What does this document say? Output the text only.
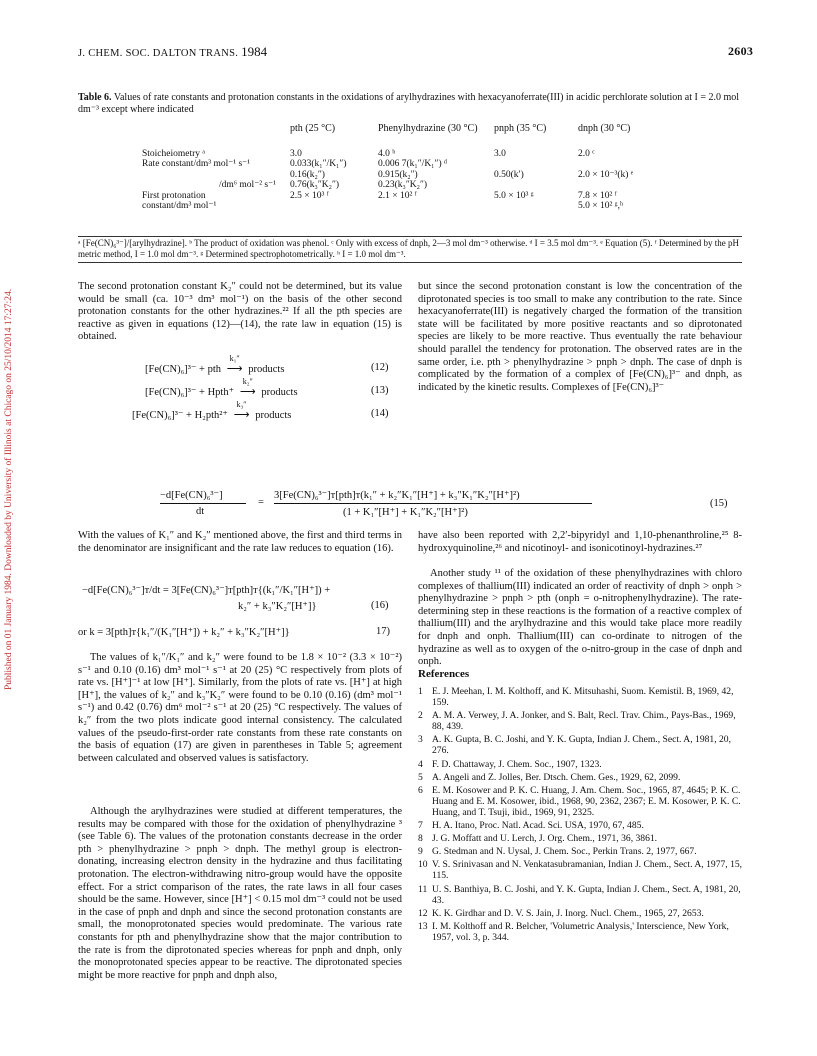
J. CHEM. SOC. DALTON TRANS. 1984	2603
Published on 01 January 1984. Downloaded by University of Illinois at Chicago on 25/10/2014 17:27:24.
Table 6. Values of rate constants and protonation constants in the oxidations of arylhydrazines with hexacyanoferrate(III) in acidic perchlorate solution at I = 2.0 mol dm⁻³ except where indicated
	pth (25 °C)	Phenylhydrazine (30 °C)	pnph (35 °C)	dnph (30 °C)
Stoicheiometry ᵃ	3.0	4.0 ᵇ	3.0	2.0 ᶜ
Rate constant/dm³ mol⁻¹ s⁻¹	0.033(k₁″/K₁″)	0.006 7(k₁″/K₁″) ᵈ		
	0.16(k₂″)	0.915(k₂″)	0.50(k′)	2.0 × 10⁻³(k) ᵉ
/dm⁶ mol⁻² s⁻¹	0.76(k₃″K₂″)	0.23(k₃″K₂″)		
First protonation	2.5 × 10³ ᶠ	2.1 × 10² ᶠ	5.0 × 10³ ᵍ	7.8 × 10² ᶠ
constant/dm³ mol⁻¹				5.0 × 10² ᵍ,ʰ
ᵃ [Fe(CN)₆³⁻]/[arylhydrazine]. ᵇ The product of oxidation was phenol. ᶜ Only with excess of dnph, 2—3 mol dm⁻³ otherwise. ᵈ I = 3.5 mol dm⁻³. ᵉ Equation (5). ᶠ Determined by the pH metric method, I = 1.0 mol dm⁻³. ᵍ Determined spectrophotometrically. ʰ I = 1.0 mol dm⁻³.

The second protonation constant K₂″ could not be determined, but its value would be small (ca. 10⁻³ dm³ mol⁻¹) on the basis of the other second protonation constants for the other hydrazines.²² If all the pth species are reactive as given in equations (12)—(14), the rate law in equation (15) is obtained.

[Fe(CN)₆]³⁻ + pth
k₁″
⟶ products	(12)
[Fe(CN)₆]³⁻ + Hpth⁺
k₂″
⟶ products	(13)
[Fe(CN)₆]³⁻ + H₂pth²⁺
k₃″
⟶ products	(14)

but since the second protonation constant is low the concentration of the diprotonated species is too small to make any contribution to the rate. Since hexacyanoferrate(III) is negatively charged the formation of the transition state will be facilitated by more positive reactants and so diprotonated species are likely to be more reactive. Thus eventually the rate behaviour should parallel the tendency for protonation. The observed rates are in the same order, i.e. pth > phenylhydrazine > pnph > dnph. The case of dnph is complicated by the formation of a complex of [Fe(CN)₆]³⁻ and dnph, as indicated by the kinetic results. Complexes of [Fe(CN)₆]³⁻

−d[Fe(CN)₆³⁻]
dt
=
3[Fe(CN)₆³⁻]ᴛ[pth]ᴛ(k₁″ + k₂″K₁″[H⁺] + k₃″K₁″K₂″[H⁺]²)
(1 + K₁″[H⁺] + K₁″K₂″[H⁺]²)
(15)

With the values of K₁″ and K₂″ mentioned above, the first and third terms in the denominator are insignificant and the rate law reduces to equation (16).

−d[Fe(CN)₆³⁻]ᴛ/dt = 3[Fe(CN)₆³⁻]ᴛ[pth]ᴛ{(k₁″/K₁″[H⁺]) +
k₂″ + k₃″K₂″[H⁺]}	(16)
or k = 3[pth]ᴛ{k₁″/(K₁″[H⁺]) + k₂″ + k₃″K₂″[H⁺]}	17)

The values of k₁″/K₁″ and k₂″ were found to be 1.8 × 10⁻² (3.3 × 10⁻²) s⁻¹ and 0.10 (0.16) dm³ mol⁻¹ s⁻¹ at 20 (25) °C respectively from plots of rate vs. [H⁺]⁻¹ at low [H⁺]. Similarly, from the plots of rate vs. [H⁺] at high [H⁺], the values of k₂″ and k₃″K₂″ were found to be 0.10 (0.16) (dm³ mol⁻¹ s⁻¹) and 0.42 (0.76) dm⁶ mol⁻² s⁻¹ at 20 (25) °C respectively. The values of k₂″ from the two plots indicate good internal consistency. The calculated values of the pseudo-first-order rate constants from these rate constants on the basis of equation (17) are given in parentheses in Table 5; agreement between calculated and observed values is satisfactory.

Although the arylhydrazines were studied at different temperatures, the results may be compared with those for the oxidation of phenylhydrazine ³ (see Table 6). The values of the protonation constants decrease in the order pth > phenylhydrazine > pnph > dnph. The methyl group is electron-donating, increasing electron density in the hydrazine and thus facilitating protonation. The electron-withdrawing nitro-group would have the opposite effect. For a strict comparison of the rates, the rate laws in all four cases should be the same. However, since [H⁺] < 0.15 mol dm⁻³ could not be used in the case of pnph and dnph and since the second protonation constants are small, the monoprotonated species would predominate. The various rate constants for pth and phenylhydrazine show that the major contribution to the rate is from the diprotonated species whereas for pnph and dnph, only the monoprotonated species appear to be reactive. The diprotonated species might be more reactive for pnph and dnph also,

have also been reported with 2,2′-bipyridyl and 1,10-phenanthroline,²⁵ 8-hydroxyquinoline,²⁶ and nicotinoyl- and isonicotinoyl-hydrazines.²⁷

Another study ¹¹ of the oxidation of these phenylhydrazines with chloro complexes of thallium(III) indicated an order of reactivity of dnph > onph > phenylhydrazine > pnph > pth (onph = o-nitrophenylhydrazine). The rate-determining step in these reactions is the formation of a reactive complex of thallium(III) and the arylhydrazine and this would take place more readily for dnph and onph. Thallium(III) can co-ordinate to nitrogen of the hydrazine as well as to oxygen of the o-nitro-group in the case of dnph and onph.

References
1 E. J. Meehan, I. M. Kolthoff, and K. Mitsuhashi, Suom. Kemistil. B, 1969, 42, 159.
2 A. M. A. Verwey, J. A. Jonker, and S. Balt, Recl. Trav. Chim., Pays-Bas., 1969, 88, 439.
3 A. K. Gupta, B. C. Joshi, and Y. K. Gupta, Indian J. Chem., Sect. A, 1981, 20, 276.
4 F. D. Chattaway, J. Chem. Soc., 1907, 1323.
5 A. Angeli and Z. Jolles, Ber. Dtsch. Chem. Ges., 1929, 62, 2099.
6 E. M. Kosower and P. K. C. Huang, J. Am. Chem. Soc., 1965, 87, 4645; P. K. C. Huang and E. M. Kosower, ibid., 1968, 90, 2362, 2367; E. M. Kosower, P. K. C. Huang, and T. Tsuji, ibid., 1969, 91, 2325.
7 H. A. Itano, Proc. Natl. Acad. Sci. USA, 1970, 67, 485.
8 J. G. Moffatt and U. Lerch, J. Org. Chem., 1971, 36, 3861.
9 G. Stedman and N. Uysal, J. Chem. Soc., Perkin Trans. 2, 1977, 667.
10 V. S. Srinivasan and N. Venkatasubramanian, Indian J. Chem., Sect. A, 1977, 15, 115.
11 U. S. Banthiya, B. C. Joshi, and Y. K. Gupta, Indian J. Chem., Sect. A, 1981, 20, 43.
12 K. K. Girdhar and D. V. S. Jain, J. Inorg. Nucl. Chem., 1965, 27, 2653.
13 I. M. Kolthoff and R. Belcher, 'Volumetric Analysis,' Interscience, New York, 1957, vol. 3, p. 344.
